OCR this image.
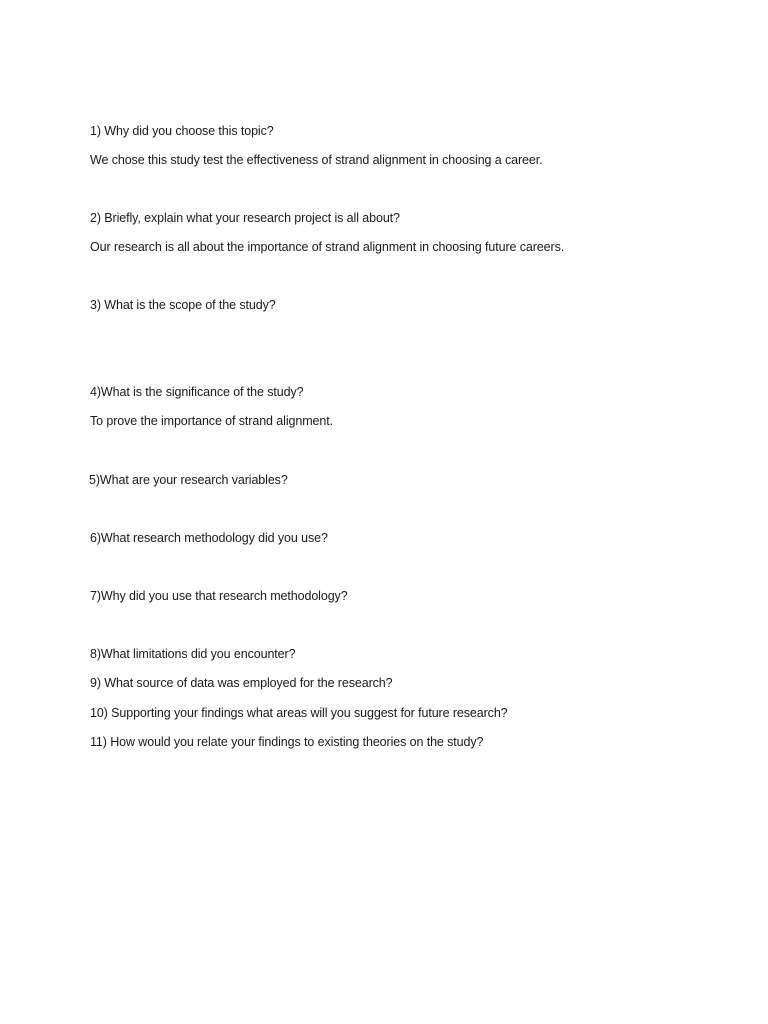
1) Why did you choose this topic?

We chose this study test the effectiveness of strand alignment in choosing a career.

2) Briefly, explain what your research project is all about?

Our research is all about the importance of strand alignment in choosing future careers.

3) What is the scope of the study?

4)What is the significance of the study?

To prove the importance of strand alignment.

5)What are your research variables?

6)What research methodology did you use?

7)Why did you use that research methodology?

8)What limitations did you encounter?

9) What source of data was employed for the research?

10) Supporting your findings what areas will you suggest for future research?

11) How would you relate your findings to existing theories on the study?
